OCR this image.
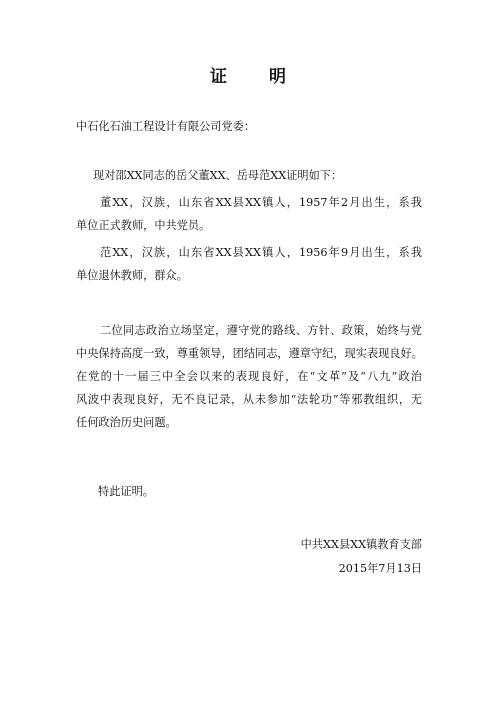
证 明
中石化石油工程设计有限公司党委：
现对邵XX同志的岳父董XX、岳母范XX证明如下：
董XX，汉族，山东省XX县XX镇人，1957年2月出生，系我
单位正式教师，中共党员。
范XX，汉族，山东省XX县XX镇人，1956年9月出生，系我
单位退休教师，群众。
二位同志政治立场坚定，遵守党的路线、方针、政策，始终与党
中央保持高度一致，尊重领导，团结同志，遵章守纪，现实表现良好。
在党的十一届三中全会以来的表现良好，在“文革”及“八九”政治
风波中表现良好，无不良记录，从未参加“法轮功”等邪教组织，无
任何政治历史问题。
特此证明。
中共XX县XX镇教育支部
2015年7月13日
